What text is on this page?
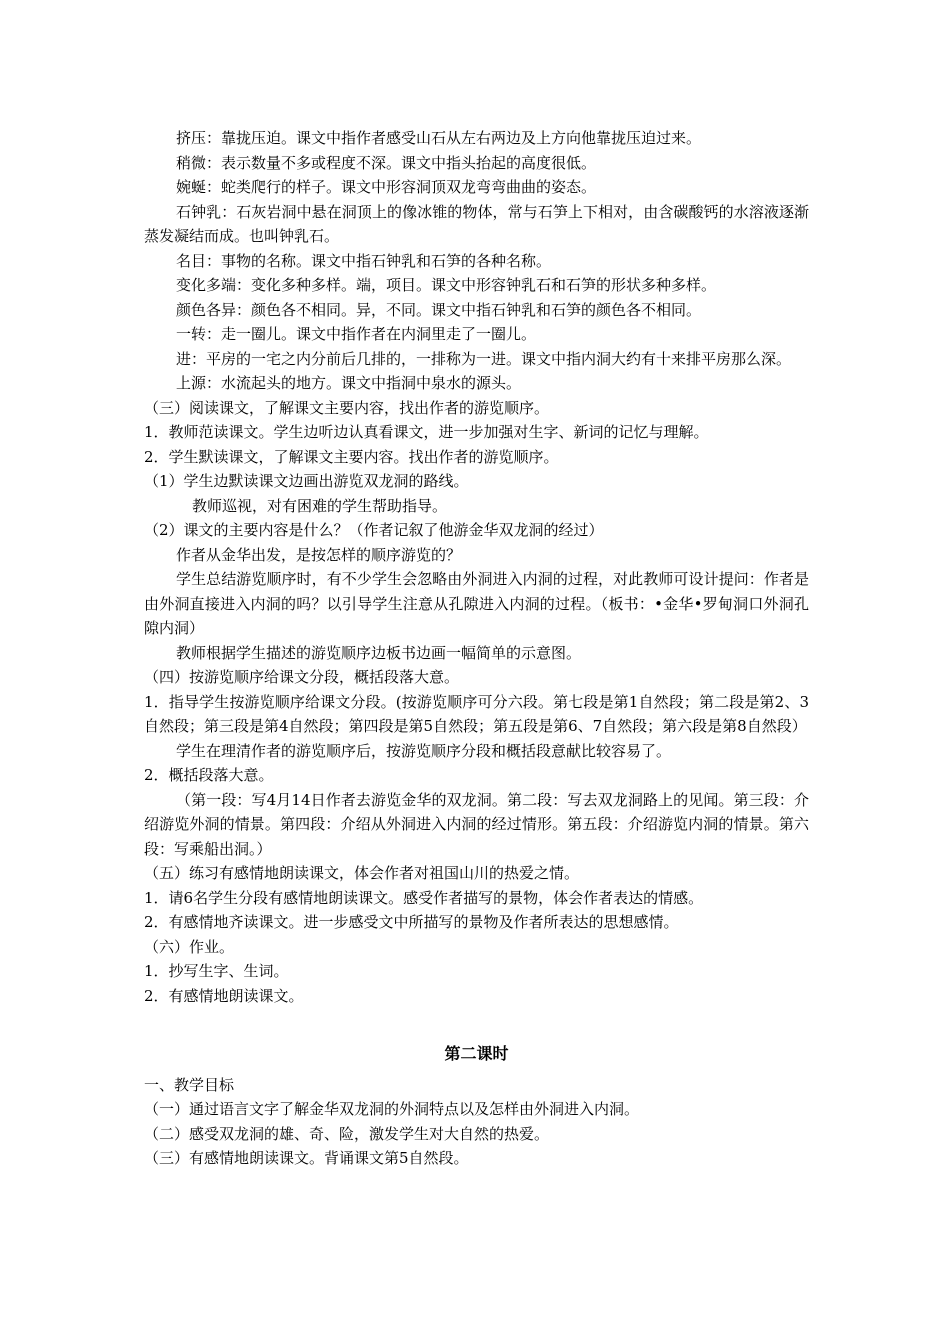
挤压：靠拢压迫。课文中指作者感受山石从左右两边及上方向他靠拢压迫过来。

稍微：表示数量不多或程度不深。课文中指头抬起的高度很低。

婉蜒：蛇类爬行的样子。课文中形容洞顶双龙弯弯曲曲的姿态。

石钟乳：石灰岩洞中悬在洞顶上的像冰锥的物体，常与石笋上下相对，由含碳酸钙的水溶液逐渐蒸发凝结而成。也叫钟乳石。

名目：事物的名称。课文中指石钟乳和石笋的各种名称。

变化多端：变化多种多样。端，项目。课文中形容钟乳石和石笋的形状多种多样。

颜色各异：颜色各不相同。异，不同。课文中指石钟乳和石笋的颜色各不相同。

一转：走一圈儿。课文中指作者在内洞里走了一圈儿。

进：平房的一宅之内分前后几排的，一排称为一进。课文中指内洞大约有十来排平房那么深。

上源：水流起头的地方。课文中指洞中泉水的源头。

（三）阅读课文，了解课文主要内容，找出作者的游览顺序。

1．教师范读课文。学生边听边认真看课文，进一步加强对生字、新词的记忆与理解。

2．学生默读课文，了解课文主要内容。找出作者的游览顺序。

（1）学生边默读课文边画出游览双龙洞的路线。

教师巡视，对有困难的学生帮助指导。

（2）课文的主要内容是什么？（作者记叙了他游金华双龙洞的经过）

作者从金华出发，是按怎样的顺序游览的？

学生总结游览顺序时，有不少学生会忽略由外洞进入内洞的过程，对此教师可设计提问：作者是由外洞直接进入内洞的吗？以引导学生注意从孔隙进入内洞的过程。（板书：•金华•罗甸洞口外洞孔隙内洞）

教师根据学生描述的游览顺序边板书边画一幅简单的示意图。

（四）按游览顺序给课文分段，概括段落大意。

1．指导学生按游览顺序给课文分段。(按游览顺序可分六段。第七段是第1自然段；第二段是第2、3自然段；第三段是第4自然段；第四段是第5自然段；第五段是第6、7自然段；第六段是第8自然段）

学生在理清作者的游览顺序后，按游览顺序分段和概括段意献比较容易了。

2．概括段落大意。

（第一段：写4月14日作者去游览金华的双龙洞。第二段：写去双龙洞路上的见闻。第三段：介绍游览外洞的情景。第四段：介绍从外洞进入内洞的经过情形。第五段：介绍游览内洞的情景。第六段：写乘船出洞。）

（五）练习有感情地朗读课文，体会作者对祖国山川的热爱之情。

1．请6名学生分段有感情地朗读课文。感受作者描写的景物，体会作者表达的情感。

2．有感情地齐读课文。进一步感受文中所描写的景物及作者所表达的思想感情。

（六）作业。

1．抄写生字、生词。

2．有感情地朗读课文。

第二课时

一、教学目标

（一）通过语言文字了解金华双龙洞的外洞特点以及怎样由外洞进入内洞。

（二）感受双龙洞的雄、奇、险，激发学生对大自然的热爱。

（三）有感情地朗读课文。背诵课文第5自然段。
